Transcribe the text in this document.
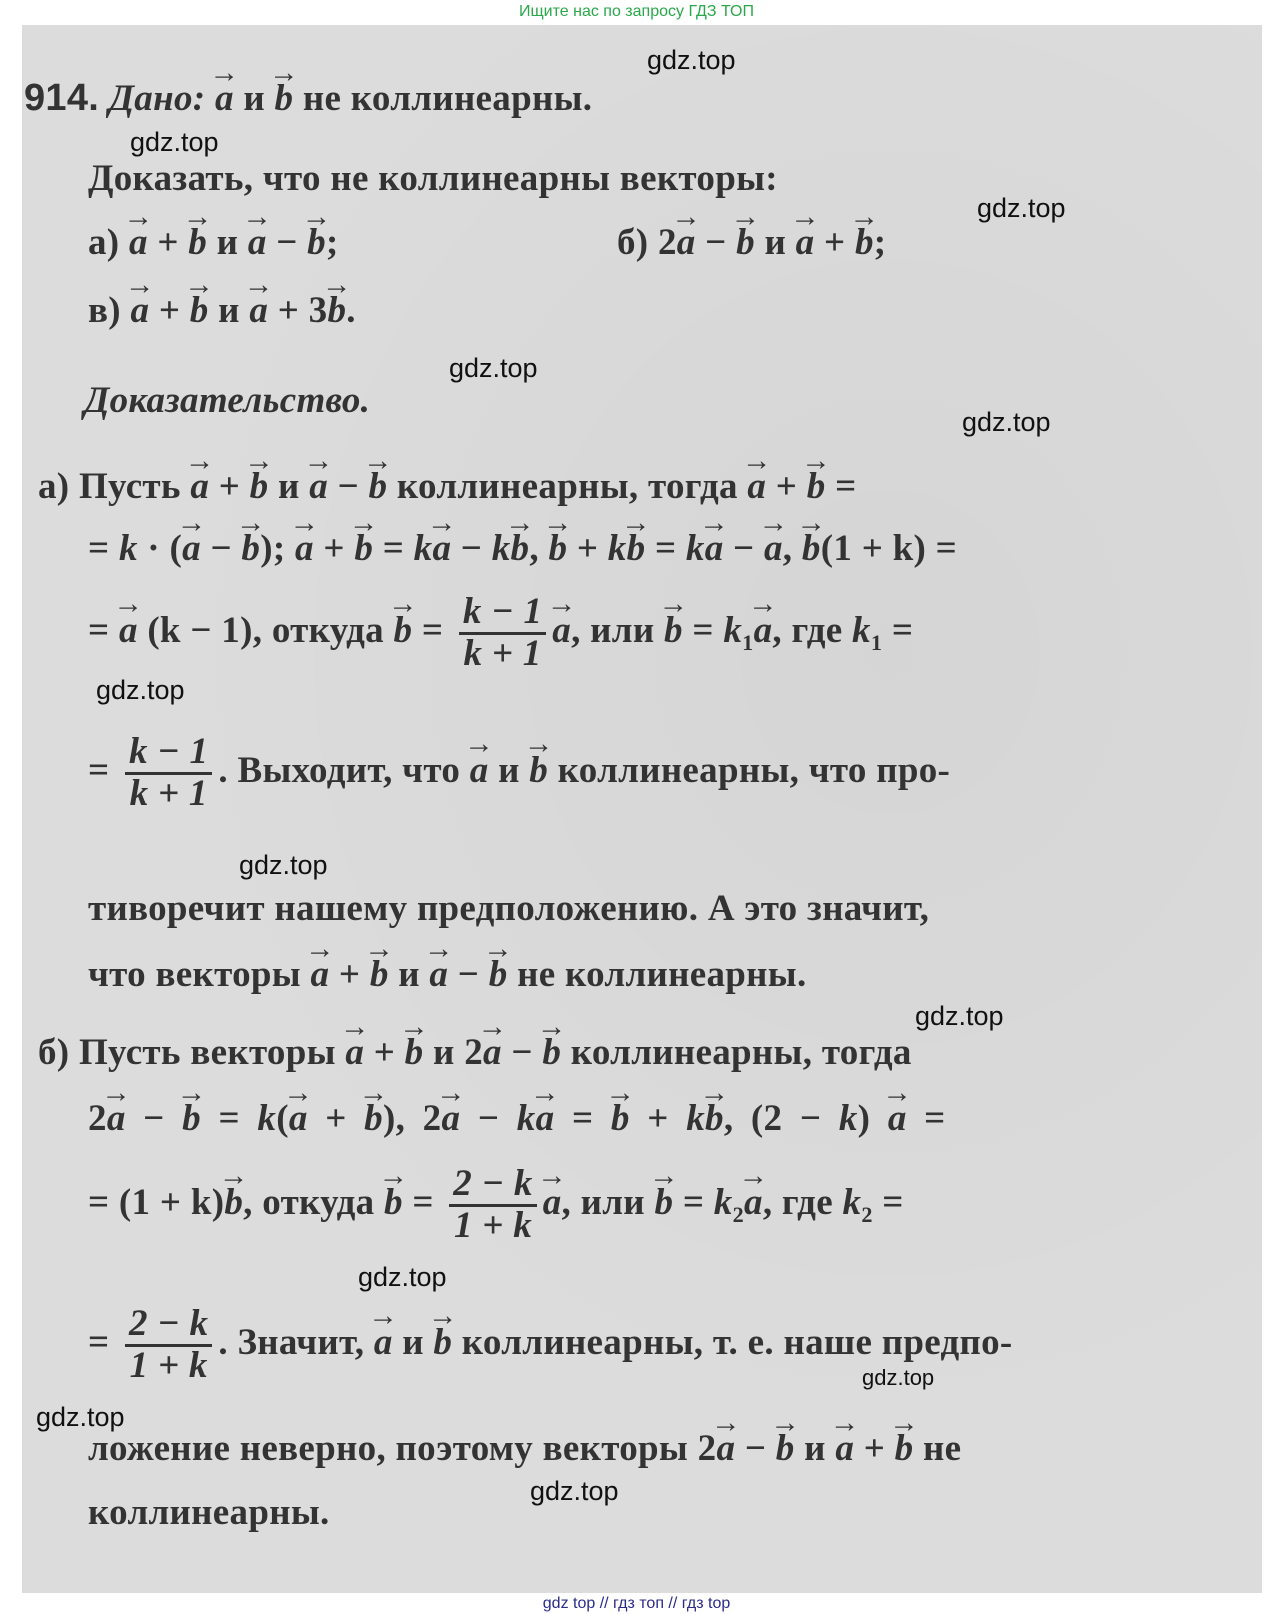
Ищите нас по запросу ГДЗ ТОП
914. Дано: → a и → b не коллинеарны.
Доказать, что не коллинеарны векторы:
а) → a + → b и → a − → b;	б) 2→ a − → b и → a + → b;
в) → a + → b и → a + 3→ b.
Доказательство.
а) Пусть → a + → b и → a − → b коллинеарны, тогда → a + → b =
= k · (→ a − → b); → a + → b = k→ a − k→ b, → b + k→ b = k→ a − → a, → b(1 + k) =
= → a (k − 1), откуда → $b = \frac{k - 1}{k + 1}$
→ a, или → $b = k_1\to a$, где $k_1$ =
= $\frac{k - 1}{k + 1}$ . Выходит, что → a и → b коллинеарны, что про-
тиворечит нашему предположению. А это значит,
что векторы → a + → b и → a − → b не коллинеарны.
б) Пусть векторы → a + → b и 2→ a − → b коллинеарны, тогда
2→ a − → b = k(→ a + → b), 2→ a − k→ a = → b + k→ b, (2 − k) → a =
= (1 + k)→ b, откуда → $b = \frac{2 - k}{1 + k}$
→ a, или → $b = k_2\to a$, где $k_2$ =
= $\frac{2 - k}{1 + k}$ . Значит, → a и → b коллинеарны, т. е. наше предпо-
ложение неверно, поэтому векторы 2→ a − → b и → a + → b не
коллинеарны.
gdz.top
gdz.top
gdz.top
gdz.top
gdz.top
gdz.top
gdz.top
gdz.top
gdz.top
gdz.top
gdz.top
gdz.top
gdz top // гдз топ // гдз top
